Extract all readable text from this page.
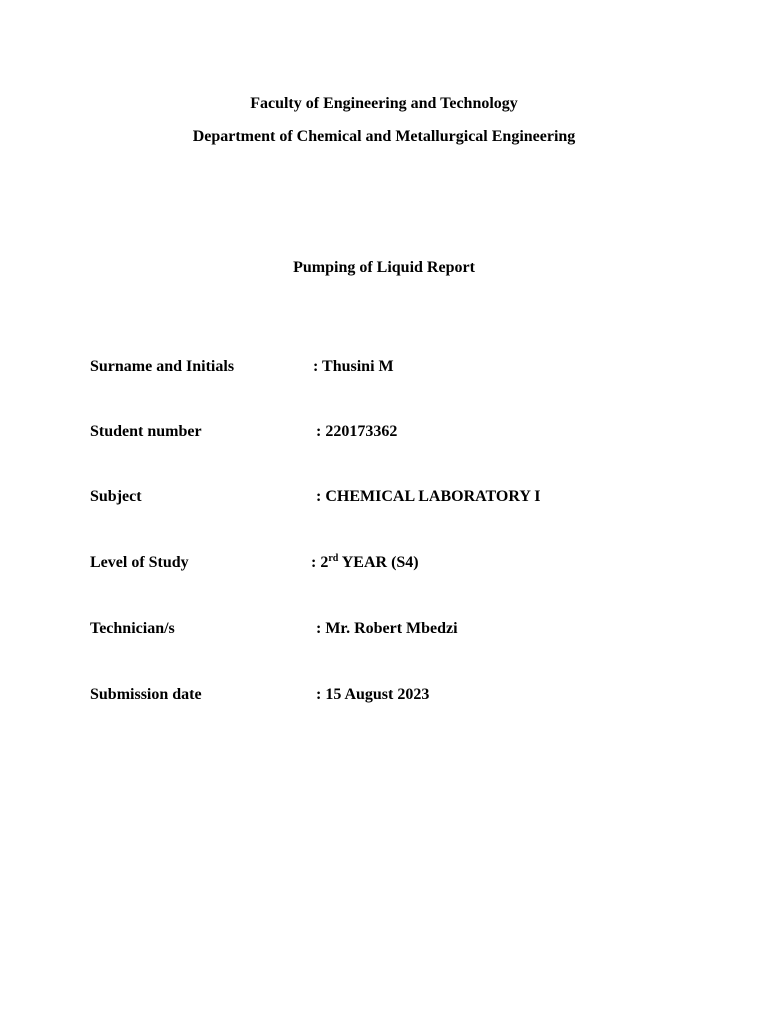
Faculty of Engineering and Technology
Department of Chemical and Metallurgical Engineering
Pumping of Liquid Report
Surname and Initials	: Thusini M
Student number	: 220173362
Subject	: CHEMICAL LABORATORY I
Level of Study	: 2rd YEAR (S4)
Technician/s	: Mr. Robert Mbedzi
Submission date	: 15 August 2023
